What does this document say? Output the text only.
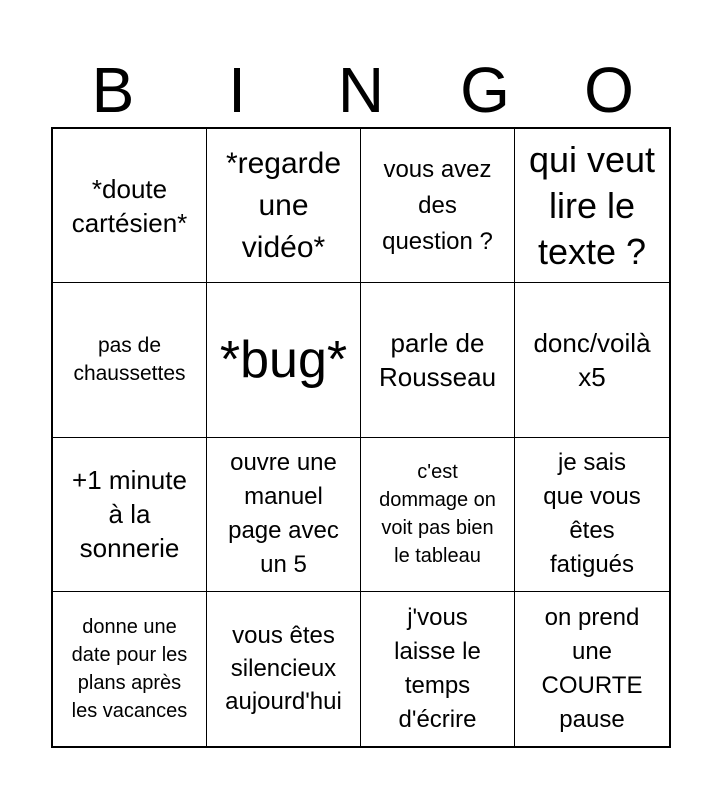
B	I	N	G	O
*doute
cartésien*
*regarde
une
vidéo*
vous avez
des
question ?
qui veut
lire le
texte ?
pas de
chaussettes *bug*	parle de
Rousseau
donc/voilà
x5
+1 minute
à la
sonnerie
ouvre une
manuel
page avec
un 5
c'est
dommage on
voit pas bien
le tableau
je sais
que vous
êtes
fatigués
donne une
date pour les
plans après
les vacances
vous êtes
silencieux
aujourd'hui
j'vous
laisse le
temps
d'écrire
on prend
une
COURTE
pause
